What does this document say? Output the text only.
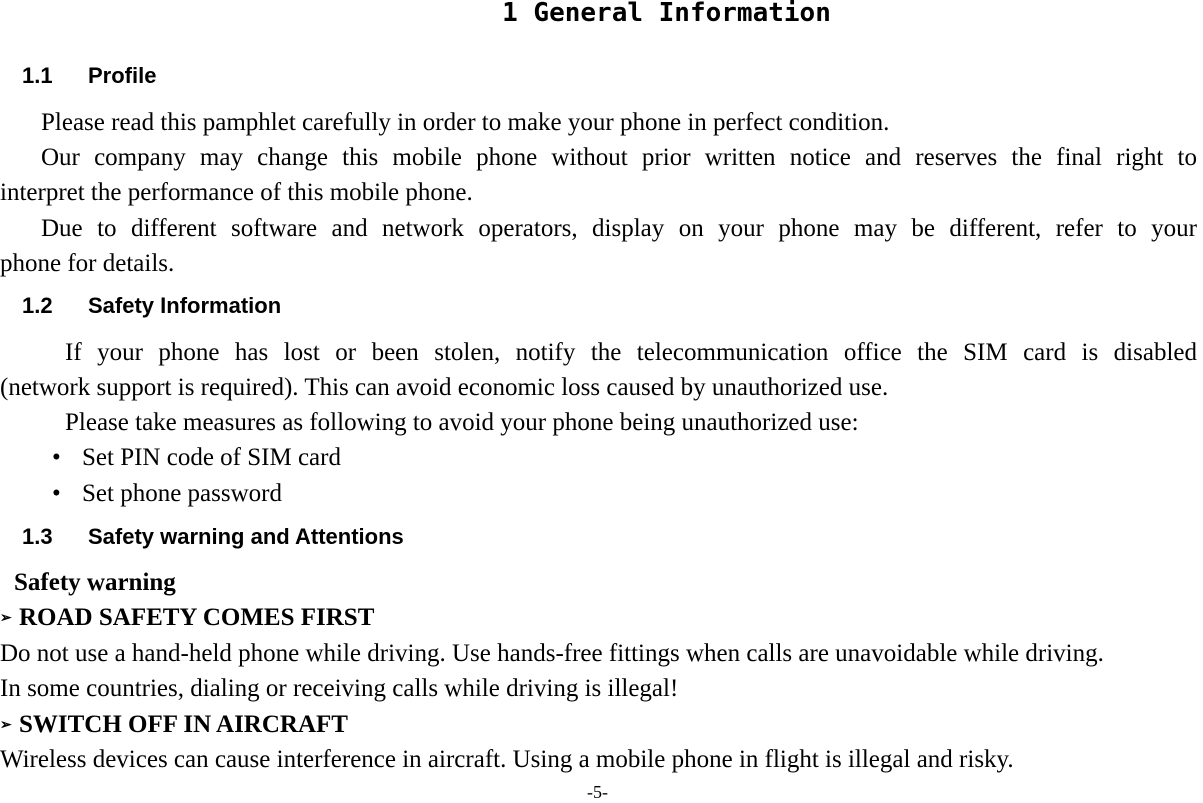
1 General Information
1.1 Profile
Please read this pamphlet carefully in order to make your phone in perfect condition.
Our company may change this mobile phone without prior written notice and reserves the final right to
interpret the performance of this mobile phone.
Due to different software and network operators, display on your phone may be different, refer to your
phone for details.
1.2 Safety Information
If your phone has lost or been stolen, notify the telecommunication office the SIM card is disabled
(network support is required). This can avoid economic loss caused by unauthorized use.
Please take measures as following to avoid your phone being unauthorized use:
• Set PIN code of SIM card
• Set phone password
1.3 Safety warning and Attentions
Safety warning
➢ ROAD SAFETY COMES FIRST
Do not use a hand-held phone while driving. Use hands-free fittings when calls are unavoidable while driving.
In some countries, dialing or receiving calls while driving is illegal!
➢ SWITCH OFF IN AIRCRAFT
Wireless devices can cause interference in aircraft. Using a mobile phone in flight is illegal and risky.
-5-
